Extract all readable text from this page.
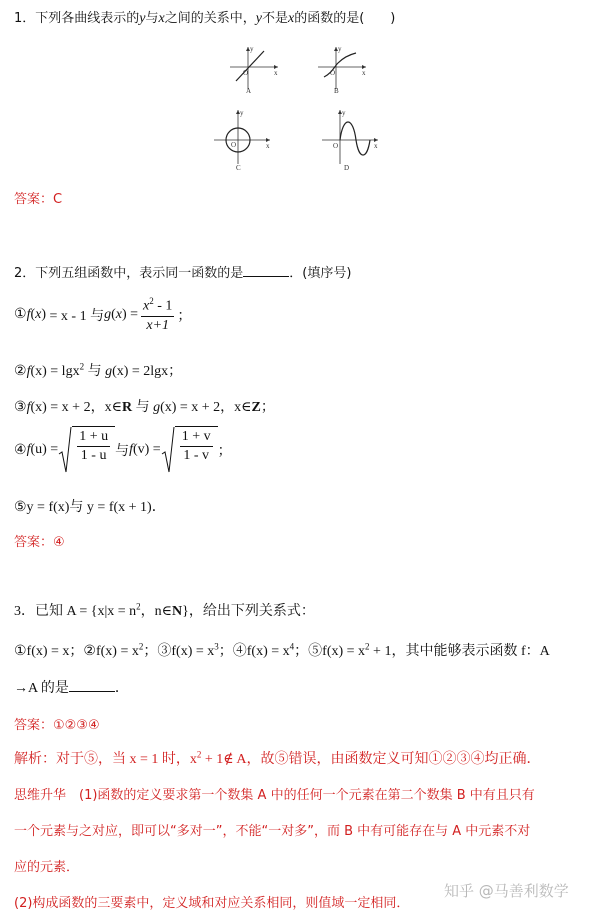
1．下列各曲线表示的y与x之间的关系中，y不是x的函数的是(　　)
y
x
O
A
y
x
O
B
y
x
O
C
y
x
O
D
答案：C
2．下列五组函数中，表示同一函数的是	．(填序号)
① f ( x ) = x - 1 与 g ( x ) = $\frac{x^2 - 1}{x+1}$ ；
②f(x) = lgx$^2$ 与 g(x) = 2lgx；
③f(x) = x + 2，x∈R 与 g(x) = x + 2，x∈Z；
④ f $(u) = \frac{1 + u}{1 - u}$ 与 f $(v) = \frac{1 + v}{1 - v}$ ；
⑤y = f(x)与 y = f(x + 1)．
答案：④
3．已知 $A = \{x|x = n^2$，n∈N}，给出下列关系式：
①f(x) = x；②f(x) = $x^2$；③f(x) = $x^3$；④f(x) = $x^4$；⑤f(x) = $x^2 + 1$，其中能够表示函数 f：A
→A 的是	．
答案：①②③④
解析：对于⑤，当 x = 1 时，$x^2$ + 1∉ A，故⑤错误，由函数定义可知①②③④均正确．
思维升华　(1)函数的定义要求第一个数集 A 中的任何一个元素在第二个数集 B 中有且只有
一个元素与之对应，即可以“多对一”，不能“一对多”，而 B 中有可能存在与 A 中元素不对
应的元素．
(2)构成函数的三要素中，定义域和对应关系相同，则值域一定相同．
知乎 @马善利数学
